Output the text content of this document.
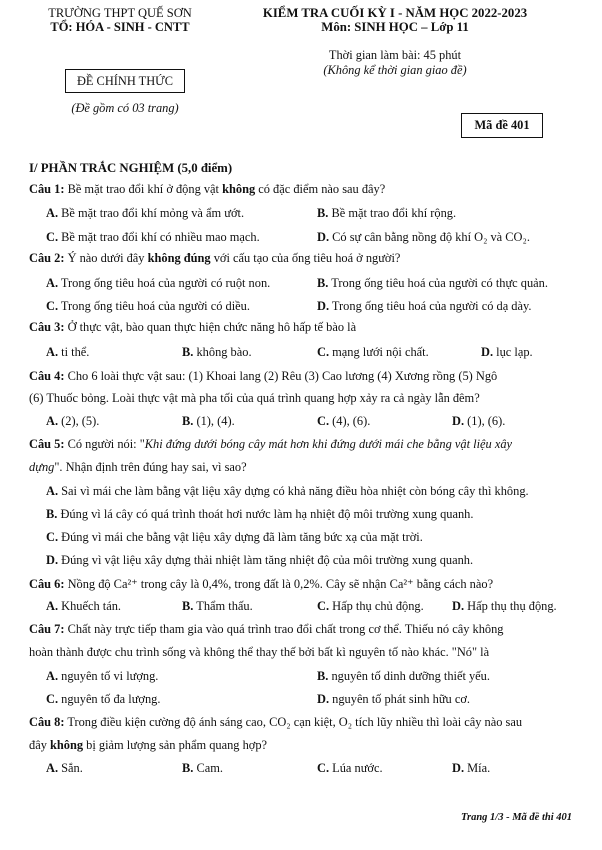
TRƯỜNG THPT QUẾ SƠN
TỔ: HÓA - SINH - CNTT
ĐỀ CHÍNH THỨC
(Đề gồm có 03 trang)
KIỂM TRA CUỐI KỲ I - NĂM HỌC 2022-2023
Môn: SINH HỌC – Lớp 11
Thời gian làm bài: 45 phút
(Không kể thời gian giao đề)
Mã đề 401
I/ PHẦN TRẮC NGHIỆM (5,0 điểm)
Câu 1: Bề mặt trao đổi khí ở động vật không có đặc điểm nào sau đây?
A. Bề mặt trao đổi khí mỏng và ẩm ướt.	B. Bề mặt trao đổi khí rộng.
C. Bề mặt trao đổi khí có nhiều mao mạch.	D. Có sự cân bằng nồng độ khí O₂ và CO₂.
Câu 2: Ý nào dưới đây không đúng với cấu tạo của ống tiêu hoá ở người?
A. Trong ống tiêu hoá của người có ruột non.	B. Trong ống tiêu hoá của người có thực quản.
C. Trong ống tiêu hoá của người có diều.	D. Trong ống tiêu hoá của người có dạ dày.
Câu 3: Ở thực vật, bào quan thực hiện chức năng hô hấp tế bào là
A. ti thể.	B. không bào.	C. mạng lưới nội chất.	D. lục lạp.
Câu 4: Cho 6 loài thực vật sau: (1) Khoai lang (2) Rêu (3) Cao lương (4) Xương rồng (5) Ngô
(6) Thuốc bỏng. Loài thực vật mà pha tối của quá trình quang hợp xảy ra cả ngày lẫn đêm?
A. (2), (5).	B. (1), (4).	C. (4), (6).	D. (1), (6).
Câu 5: Có người nói: "Khi đứng dưới bóng cây mát hơn khi đứng dưới mái che bằng vật liệu xây
dựng". Nhận định trên đúng hay sai, vì sao?
A. Sai vì mái che làm bằng vật liệu xây dựng có khả năng điều hòa nhiệt còn bóng cây thì không.
B. Đúng vì lá cây có quá trình thoát hơi nước làm hạ nhiệt độ môi trường xung quanh.
C. Đúng vì mái che bằng vật liệu xây dựng đã làm tăng bức xạ của mặt trời.
D. Đúng vì vật liệu xây dựng thải nhiệt làm tăng nhiệt độ của môi trường xung quanh.
Câu 6: Nồng độ Ca²⁺ trong cây là 0,4%, trong đất là 0,2%. Cây sẽ nhận Ca²⁺ bằng cách nào?
A. Khuếch tán.	B. Thẩm thấu.	C. Hấp thụ chủ động. D. Hấp thụ thụ động.
Câu 7: Chất này trực tiếp tham gia vào quá trình trao đổi chất trong cơ thể. Thiếu nó cây không
hoàn thành được chu trình sống và không thể thay thế bởi bất kì nguyên tố nào khác. "Nó" là
A. nguyên tố vi lượng.	B. nguyên tố dinh dưỡng thiết yếu.
C. nguyên tố đa lượng.	D. nguyên tố phát sinh hữu cơ.
Câu 8: Trong điều kiện cường độ ánh sáng cao, CO₂ cạn kiệt, O₂ tích lũy nhiều thì loài cây nào sau
đây không bị giảm lượng sản phẩm quang hợp?
A. Sắn.	B. Cam.	C. Lúa nước.	D. Mía.
Trang 1/3 - Mã đề thi 401
